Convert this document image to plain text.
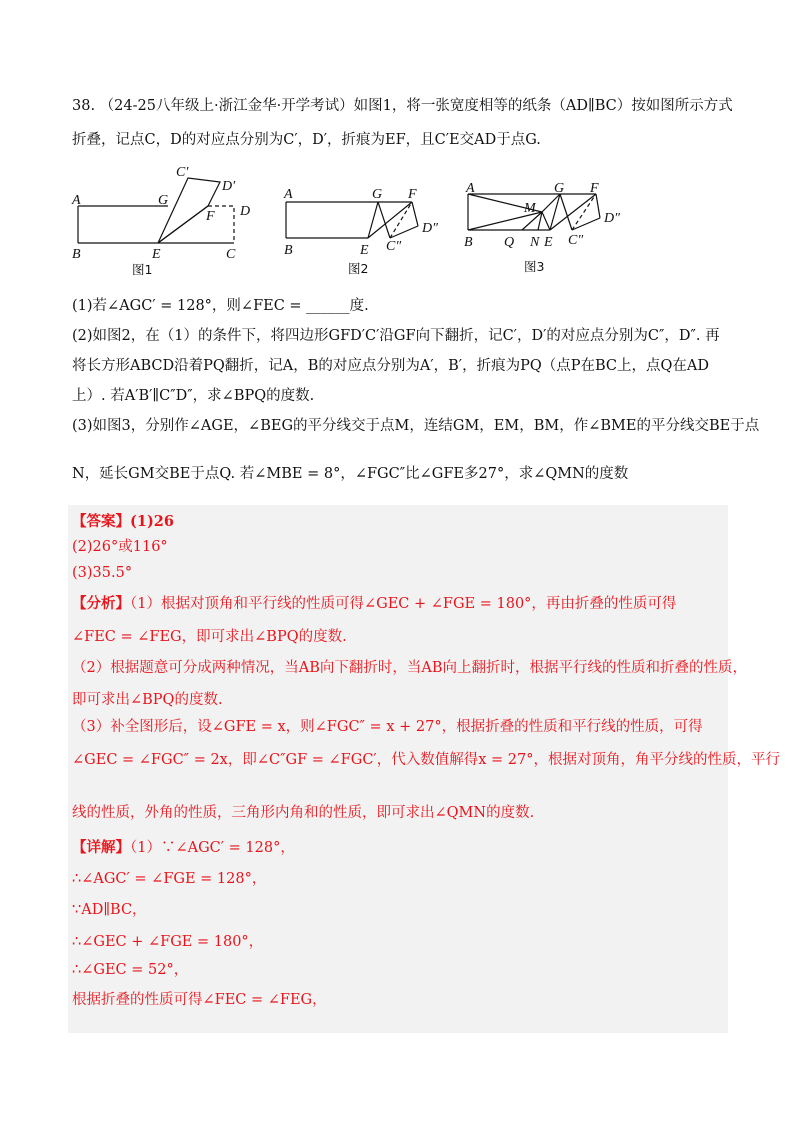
38. （24-25八年级上·浙江金华·开学考试）如图1，将一张宽度相等的纸条（AD∥BC）按如图所示方式
折叠，记点C，D的对应点分别为C′，D′，折痕为EF，且C′E交AD于点G.
A
B	C
D
E
F
G
C′
D′
图1
A
B	E
G F
C″
D″
图2
A
B Q N E
G F
M
C″
D″
图3
(1)若∠AGC′ = 128°，则∠FEC = ______度.
(2)如图2，在（1）的条件下，将四边形GFD′C′沿GF向下翻折，记C′，D′的对应点分别为C″，D″. 再
将长方形ABCD沿着PQ翻折，记A，B的对应点分别为A′，B′，折痕为PQ（点P在BC上，点Q在AD
上）. 若A′B′∥C″D″，求∠BPQ的度数.
(3)如图3，分别作∠AGE，∠BEG的平分线交于点M，连结GM，EM，BM，作∠BME的平分线交BE于点
N，延长GM交BE于点Q. 若∠MBE = 8°，∠FGC″比∠GFE多27°，求∠QMN的度数
【答案】(1)26
(2)26°或116°
(3)35.5°
【分析】（1）根据对顶角和平行线的性质可得∠GEC + ∠FGE = 180°，再由折叠的性质可得
∠FEC = ∠FEG，即可求出∠BPQ的度数.
（2）根据题意可分成两种情况，当AB向下翻折时，当AB向上翻折时，根据平行线的性质和折叠的性质，
即可求出∠BPQ的度数.
（3）补全图形后，设∠GFE = x，则∠FGC″ = x + 27°，根据折叠的性质和平行线的性质，可得
∠GEC = ∠FGC″ = 2x，即∠C″GF = ∠FGC′，代入数值解得x = 27°，根据对顶角，角平分线的性质，平行
线的性质，外角的性质，三角形内角和的性质，即可求出∠QMN的度数.
【详解】（1）∵∠AGC′ = 128°，
∴∠AGC′ = ∠FGE = 128°，
∵AD∥BC，
∴∠GEC + ∠FGE = 180°，
∴∠GEC = 52°，
根据折叠的性质可得∠FEC = ∠FEG，
